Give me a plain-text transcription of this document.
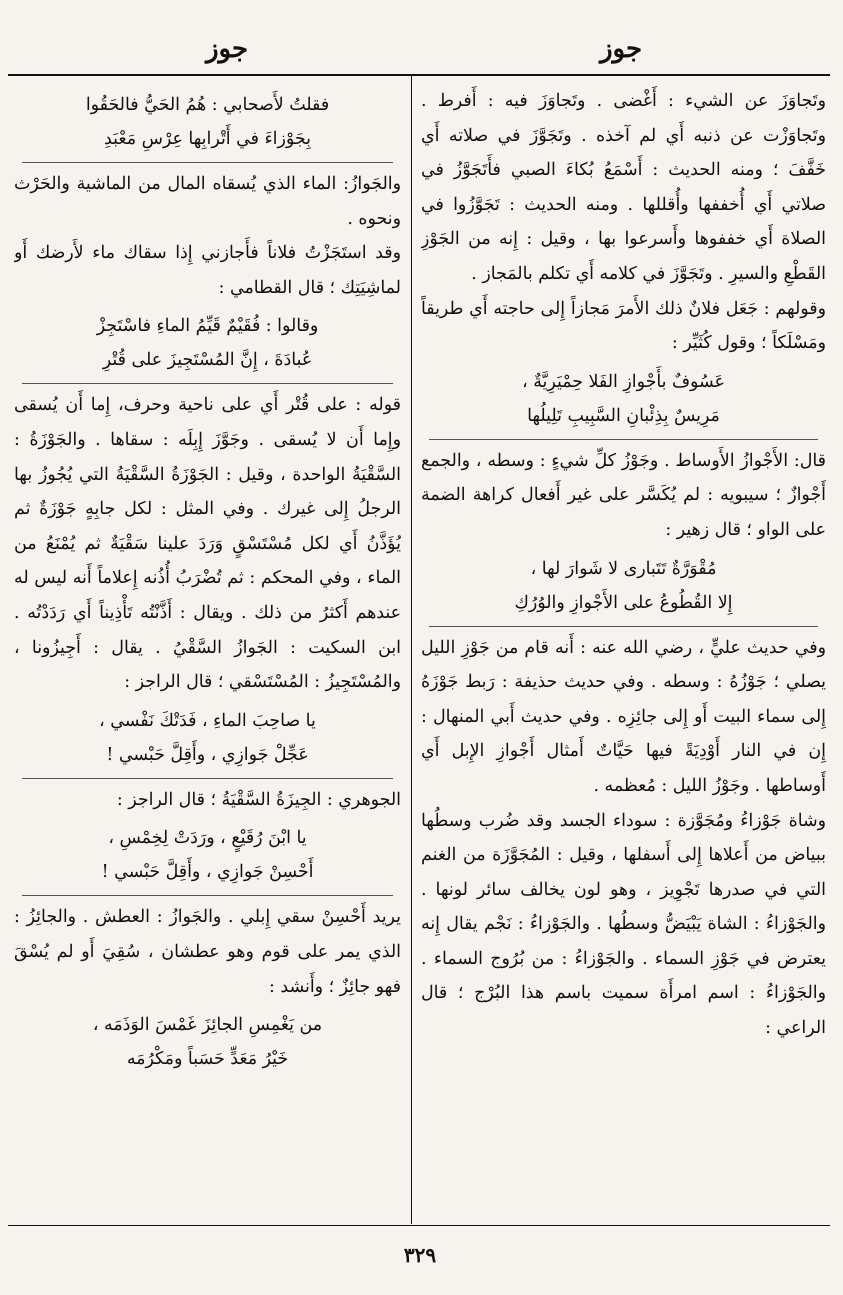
جوز	جوز

وتَجاوَزَ عن الشيء : أَغْضى . وتَجاوَزَ فيه : أَفرط . وتَجاوَزْت عن ذنبه أَي لم آخذه . وتَجَوَّزَ في صلاته أَي خَفَّفَ ؛ ومنه الحديث : أَسْمَعُ بُكاءَ الصبي فأَتَجَوَّزُ في صلاتي أَي أُخففها وأُقللها . ومنه الحديث : تَجَوَّزُوا في الصلاة أَي خففوها وأَسرعوا بها ، وقيل : إِنه من الجَوْزِ القَطْعِ والسيرِ . وتَجَوَّزَ في كلامه أَي تكلم بالمَجاز .

وقولهم : جَعَل فلانٌ ذلك الأَمرَ مَجازاً إِلى حاجته أَي طريقاً ومَسْلَكاً ؛ وقول كُثَيِّر :

عَسُوفٌ بأَجْوازِ الفَلا حِمْيَرِيَّةٌ ،
مَرِيسٌ بِذِئْبانِ السَّبِيبِ تَلِيلُها

قال: الأَجْوازُ الأَوساط . وجَوْزُ كلِّ شيءٍ : وسطه ، والجمع أَجْوازٌ ؛ سيبويه : لم يُكَسَّر على غير أَفعال كراهة الضمة على الواو ؛ قال زهير :

مُقْوَرَّةٌ تَتَبارى لا شَوارَ لها ،
إِلا القُطُوعُ على الأَجْوازِ والوُرُكِ

وفي حديث عليٍّ ، رضي الله عنه : أَنه قام من جَوْزِ الليل يصلي ؛ جَوْزُهُ : وسطه . وفي حديث حذيفة : رَبط جَوْزَهُ إِلى سماء البيت أَو إِلى جائِزِه . وفي حديث أَبي المنهال : إِن في النار أَوْدِيَةً فيها حَيَّاتٌ أَمثال أَجْوازِ الإِبل أَي أَوساطها . وجَوْزُ الليل : مُعظمه .

وشاة جَوْزاءُ ومُجَوَّزة : سوداء الجسد وقد ضُرب وسطُها ببياض من أَعلاها إِلى أَسفلها ، وقيل : المُجَوَّزَة من الغنم التي في صدرها تَجْوِيز ، وهو لون يخالف سائر لونها . والجَوْزاءُ : الشاة يَبْيَضُّ وسطُها . والجَوْزاءُ : نَجْم يقال إِنه يعترض في جَوْزِ السماء . والجَوْزاءُ : من بُرُوج السماء . والجَوْزاءُ : اسم امرأَة سميت باسم هذا البُرْج ؛ قال الراعي :

فقلتُ لأَصحابي : هُمُ الحَيُّ فالحَقُوا
بِجَوْزاءَ في أَتْرابِها عِرْسِ مَعْبَدِ

والجَوازُ: الماء الذي يُسقاه المال من الماشية والحَرْث ونحوه .

وقد استَجَزْتُ فلاناً فأَجازني إِذا سقاك ماء لأَرضك أَو لماشِيَتِك ؛ قال القطامي :

وقالوا : فُقَيْمٌ قَيِّمُ الماءِ فاسْتَجِزْ
عُبادَةَ ، إِنَّ المُسْتَجِيزَ على قُتْرِ

قوله : على قُتْر أَي على ناحية وحرف، إِما أَن يُسقى وإِما أَن لا يُسقى . وجَوَّزَ إِبِلَه : سقاها . والجَوْزَةُ : السَّقْيَةُ الواحدة ، وقيل : الجَوْزَةُ السَّقْيَةُ التي يُجُوزُ بها الرجلُ إِلى غيرك . وفي المثل : لكل جابِهٍ جَوْزَةٌ ثم يُؤَذَّنُ أَي لكل مُسْتَسْقٍ وَرَدَ علينا سَقْيَةٌ ثم يُمْنَعُ من الماء ، وفي المحكم : ثم تُضْرَبُ أُذُنه إِعلاماً أَنه ليس له عندهم أَكثرُ من ذلك . ويقال : أَذَّنْتُه تَأْذِيناً أَي رَدَدْتُه . ابن السكيت : الجَوازُ السَّقْيُ . يقال : أَجِيزُونا ، والمُسْتَجِيزُ : المُسْتَسْقي ؛ قال الراجز :

يا صاحِبَ الماءِ ، فَدَتْكَ نَفْسي ،
عَجِّلْ جَوازِي ، وأَقِلَّ حَبْسي !

الجوهري : الجِيزَةُ السَّقْيَةُ ؛ قال الراجز :

يا ابْنَ رُقَيْعٍ ، ورَدَتْ لِخِمْسِ ،
أَحْسِنْ جَوازِي ، وأَقِلَّ حَبْسي !

يريد أَحْسِنْ سقي إِبلي . والجَوازُ : العطش . والجائِزُ : الذي يمر على قوم وهو عطشان ، سُقِيَ أَو لم يُسْقَ فهو جائِزٌ ؛ وأَنشد :

من يَغْمِسِ الجائِزَ غَمْسَ الوَذَمَه ،
خَيْرُ مَعَدٍّ حَسَباً ومَكْرُمَه
٣٢٩
